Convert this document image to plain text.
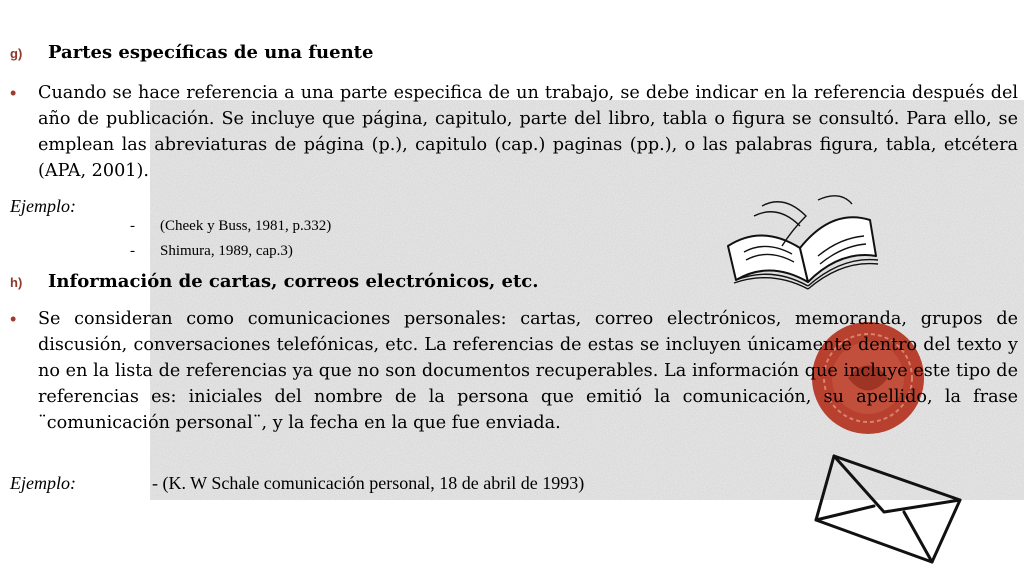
g)	Partes específicas de una fuente
•	Cuando se hace referencia a una parte especifica de un trabajo, se debe indicar en la referencia después del año de publicación. Se incluye que página, capitulo, parte del libro, tabla o figura se consultó. Para ello, se emplean las abreviaturas de página (p.), capitulo (cap.) paginas (pp.), o las palabras figura, tabla, etcétera (APA, 2001).
Ejemplo:
-	(Cheek y Buss, 1981, p.332)
-	Shimura, 1989, cap.3)
h)	Información de cartas, correos electrónicos, etc.
•	Se consideran como comunicaciones personales: cartas, correo electrónicos, memoranda, grupos de discusión, conversaciones telefónicas, etc. La referencias de estas se incluyen únicamente dentro del texto y no en la lista de referencias ya que no son documentos recuperables. La información que incluye este tipo de referencias es: iniciales del nombre de la persona que emitió la comunicación, su apellido, la frase ¨comunicación personal¨, y la fecha en la que fue enviada.
Ejemplo:	- (K. W Schale comunicación personal, 18 de abril de 1993)
